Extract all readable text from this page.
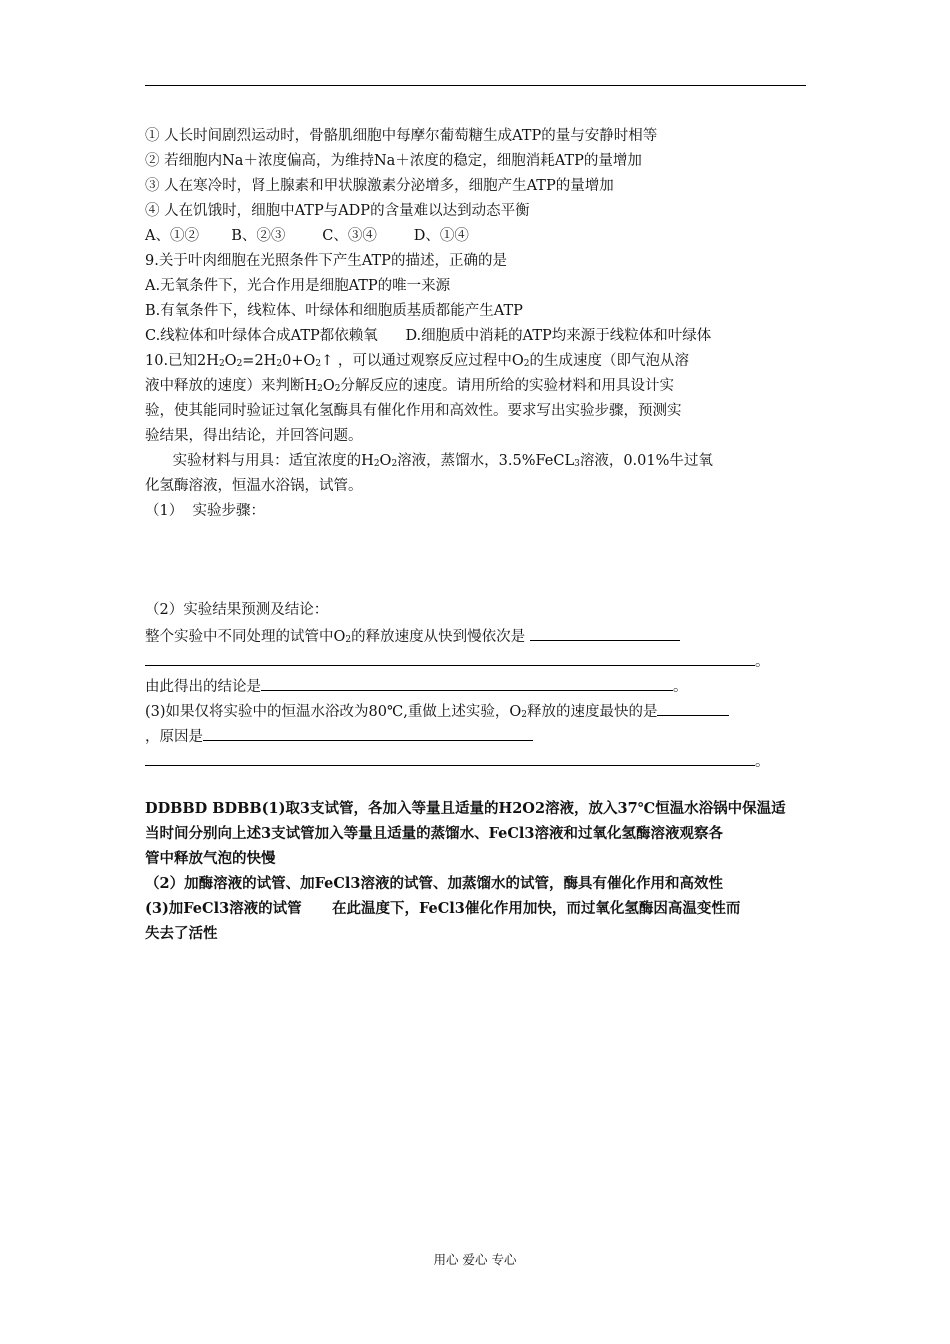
① 人长时间剧烈运动时，骨骼肌细胞中每摩尔葡萄糖生成ATP的量与安静时相等
② 若细胞内Na＋浓度偏高，为维持Na＋浓度的稳定，细胞消耗ATP的量增加
③ 人在寒冷时，肾上腺素和甲状腺激素分泌增多，细胞产生ATP的量增加
④ 人在饥饿时，细胞中ATP与ADP的含量难以达到动态平衡
A、①②       B、②③        C、③④        D、①④
9.关于叶肉细胞在光照条件下产生ATP的描述，正确的是
A.无氧条件下，光合作用是细胞ATP的唯一来源
B.有氧条件下，线粒体、叶绿体和细胞质基质都能产生ATP
C.线粒体和叶绿体合成ATP都依赖氧      D.细胞质中消耗的ATP均来源于线粒体和叶绿体
10.已知$2H_2O_2=2H_20+O_2↑$ ，可以通过观察反应过程中$O_2$的生成速度（即气泡从溶
液中释放的速度）来判断$H_2O_2$分解反应的速度。请用所给的实验材料和用具设计实
验，使其能同时验证过氧化氢酶具有催化作用和高效性。要求写出实验步骤，预测实
验结果，得出结论，并回答问题。
实验材料与用具：适宜浓度的$H_2O_2$溶液，蒸馏水，3.5%FeCL$_3$溶液，0.01%牛过氧
化氢酶溶液，恒温水浴锅，试管。
（1）  实验步骤：
（2）实验结果预测及结论：
整个实验中不同处理的试管中$O_2$的释放速度从快到慢依次是
。
由此得出的结论是	。
(3)如果仅将实验中的恒温水浴改为80℃,重做上述实验，$O_2$释放的速度最快的是
，原因是
。
DDBBD BDBB(1)取3支试管，各加入等量且适量的H2O2溶液，放入37℃恒温水浴锅中保温适
当时间分别向上述3支试管加入等量且适量的蒸馏水、FeCl3溶液和过氧化氢酶溶液观察各
管中释放气泡的快慢
（2）加酶溶液的试管、加FeCl3溶液的试管、加蒸馏水的试管，酶具有催化作用和高效性
(3)加FeCl3溶液的试管      在此温度下，FeCl3催化作用加快，而过氧化氢酶因高温变性而
失去了活性
用心 爱心 专心
